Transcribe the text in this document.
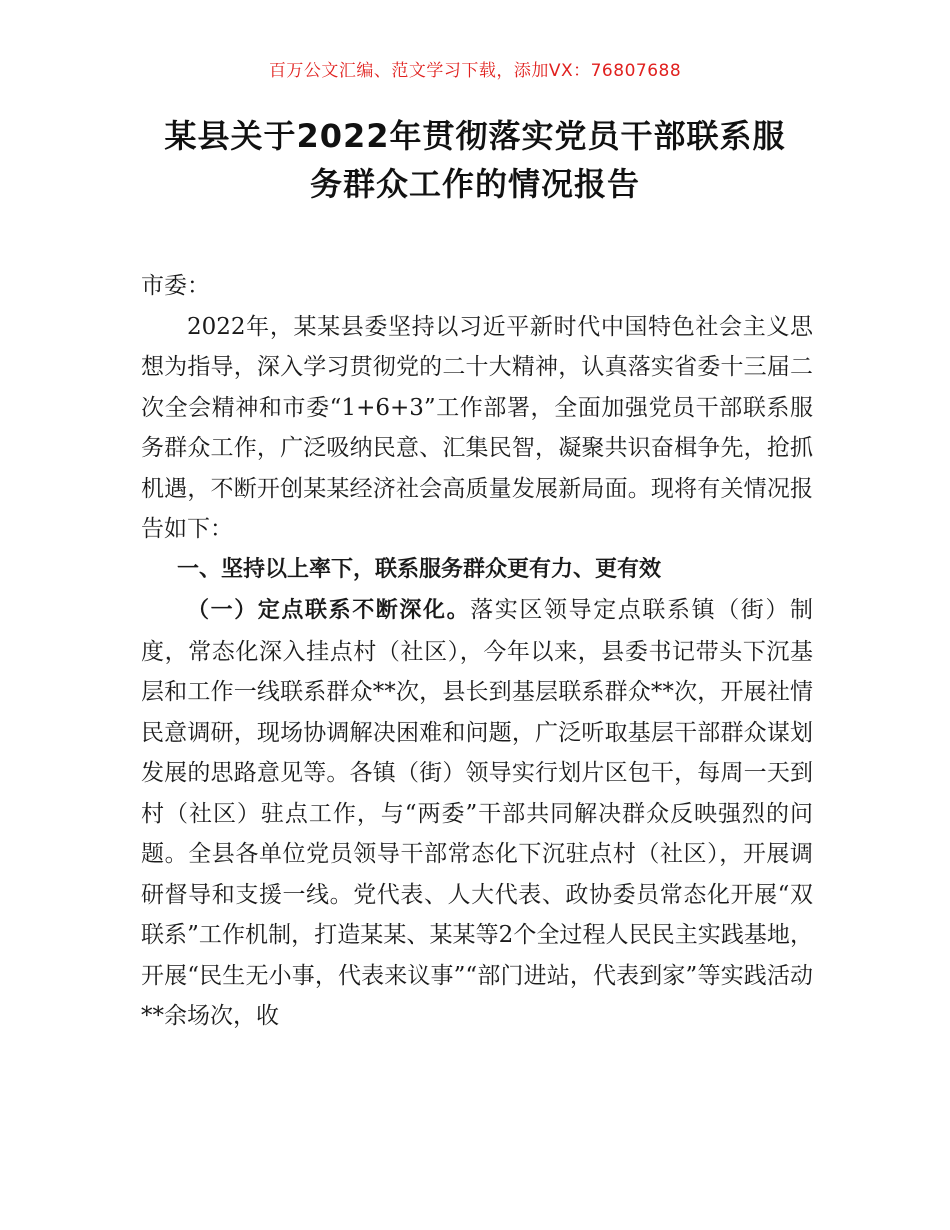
百万公文汇编、范文学习下载，添加VX：76807688
某县关于2022年贯彻落实党员干部联系服
务群众工作的情况报告

市委：

2022年，某某县委坚持以习近平新时代中国特色社会主义思想为指导，深入学习贯彻党的二十大精神，认真落实省委十三届二次全会精神和市委“1+6+3”工作部署，全面加强党员干部联系服务群众工作，广泛吸纳民意、汇集民智，凝聚共识奋楫争先，抢抓机遇，不断开创某某经济社会高质量发展新局面。现将有关情况报告如下：

一、坚持以上率下，联系服务群众更有力、更有效

（一）定点联系不断深化。落实区领导定点联系镇（街）制度，常态化深入挂点村（社区），今年以来，县委书记带头下沉基层和工作一线联系群众**次，县长到基层联系群众**次，开展社情民意调研，现场协调解决困难和问题，广泛听取基层干部群众谋划发展的思路意见等。各镇（街）领导实行划片区包干，每周一天到村（社区）驻点工作，与“两委”干部共同解决群众反映强烈的问题。全县各单位党员领导干部常态化下沉驻点村（社区），开展调研督导和支援一线。党代表、人大代表、政协委员常态化开展“双联系”工作机制，打造某某、某某等2个全过程人民民主实践基地，开展“民生无小事，代表来议事”“部门进站，代表到家”等实践活动**余场次，收
